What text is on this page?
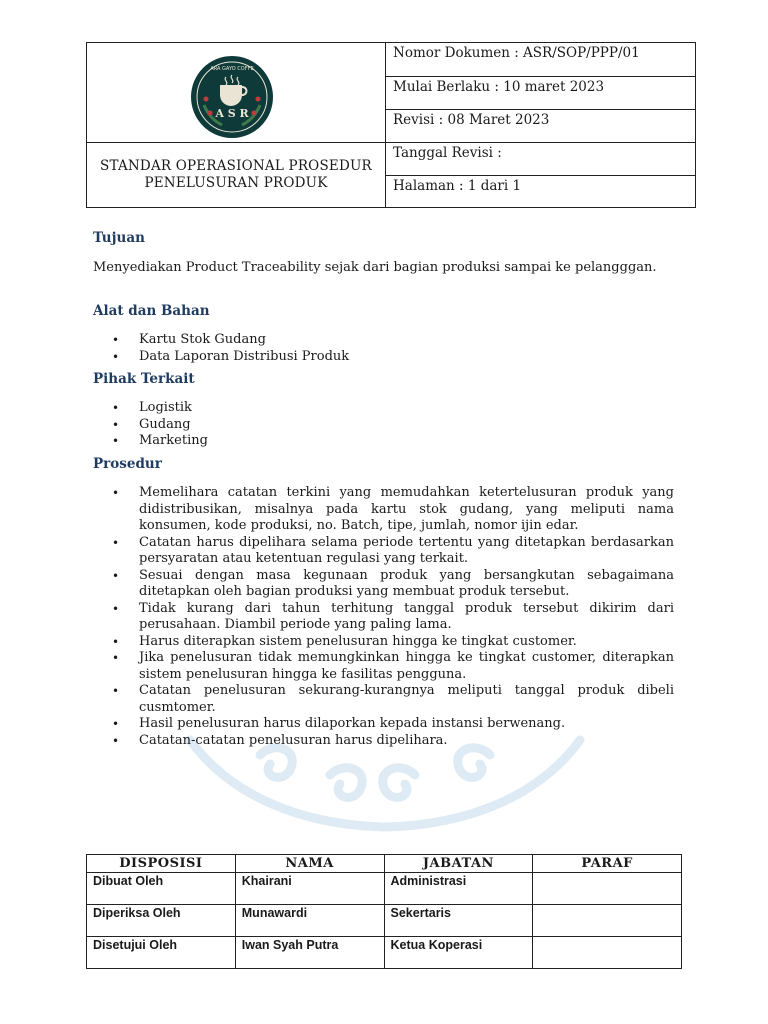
A S R
ARA GAYO COFFE
STANDAR OPERASIONAL PROSEDUR
PENELUSURAN PRODUK
Nomor Dokumen : ASR/SOP/PPP/01
Mulai Berlaku : 10 maret 2023
Revisi : 08 Maret 2023
Tanggal Revisi :
Halaman : 1 dari 1
Tujuan
Menyediakan Product Traceability sejak dari bagian produksi sampai ke pelangggan.
Alat dan Bahan
• Kartu Stok Gudang
• Data Laporan Distribusi Produk
Pihak Terkait
• Logistik
• Gudang
• Marketing
Prosedur
• Memelihara catatan terkini yang memudahkan ketertelusuran produk yang didistribusikan, misalnya pada kartu stok gudang, yang meliputi nama konsumen, kode produksi, no. Batch, tipe, jumlah, nomor ijin edar.
• Catatan harus dipelihara selama periode tertentu yang ditetapkan berdasarkan persyaratan atau ketentuan regulasi yang terkait.
• Sesuai dengan masa kegunaan produk yang bersangkutan sebagaimana ditetapkan oleh bagian produksi yang membuat produk tersebut.
• Tidak kurang dari tahun terhitung tanggal produk tersebut dikirim dari perusahaan. Diambil periode yang paling lama.
• Harus diterapkan sistem penelusuran hingga ke tingkat customer.
• Jika penelusuran tidak memungkinkan hingga ke tingkat customer, diterapkan sistem penelusuran hingga ke fasilitas pengguna.
• Catatan penelusuran sekurang-kurangnya meliputi tanggal produk dibeli cusmtomer.
• Hasil penelusuran harus dilaporkan kepada instansi berwenang.
• Catatan-catatan penelusuran harus dipelihara.
DISPOSISI	NAMA	JABATAN	PARAF
Dibuat Oleh	Khairani	Administrasi	
Diperiksa Oleh	Munawardi	Sekertaris	
Disetujui Oleh	Iwan Syah Putra	Ketua Koperasi	
